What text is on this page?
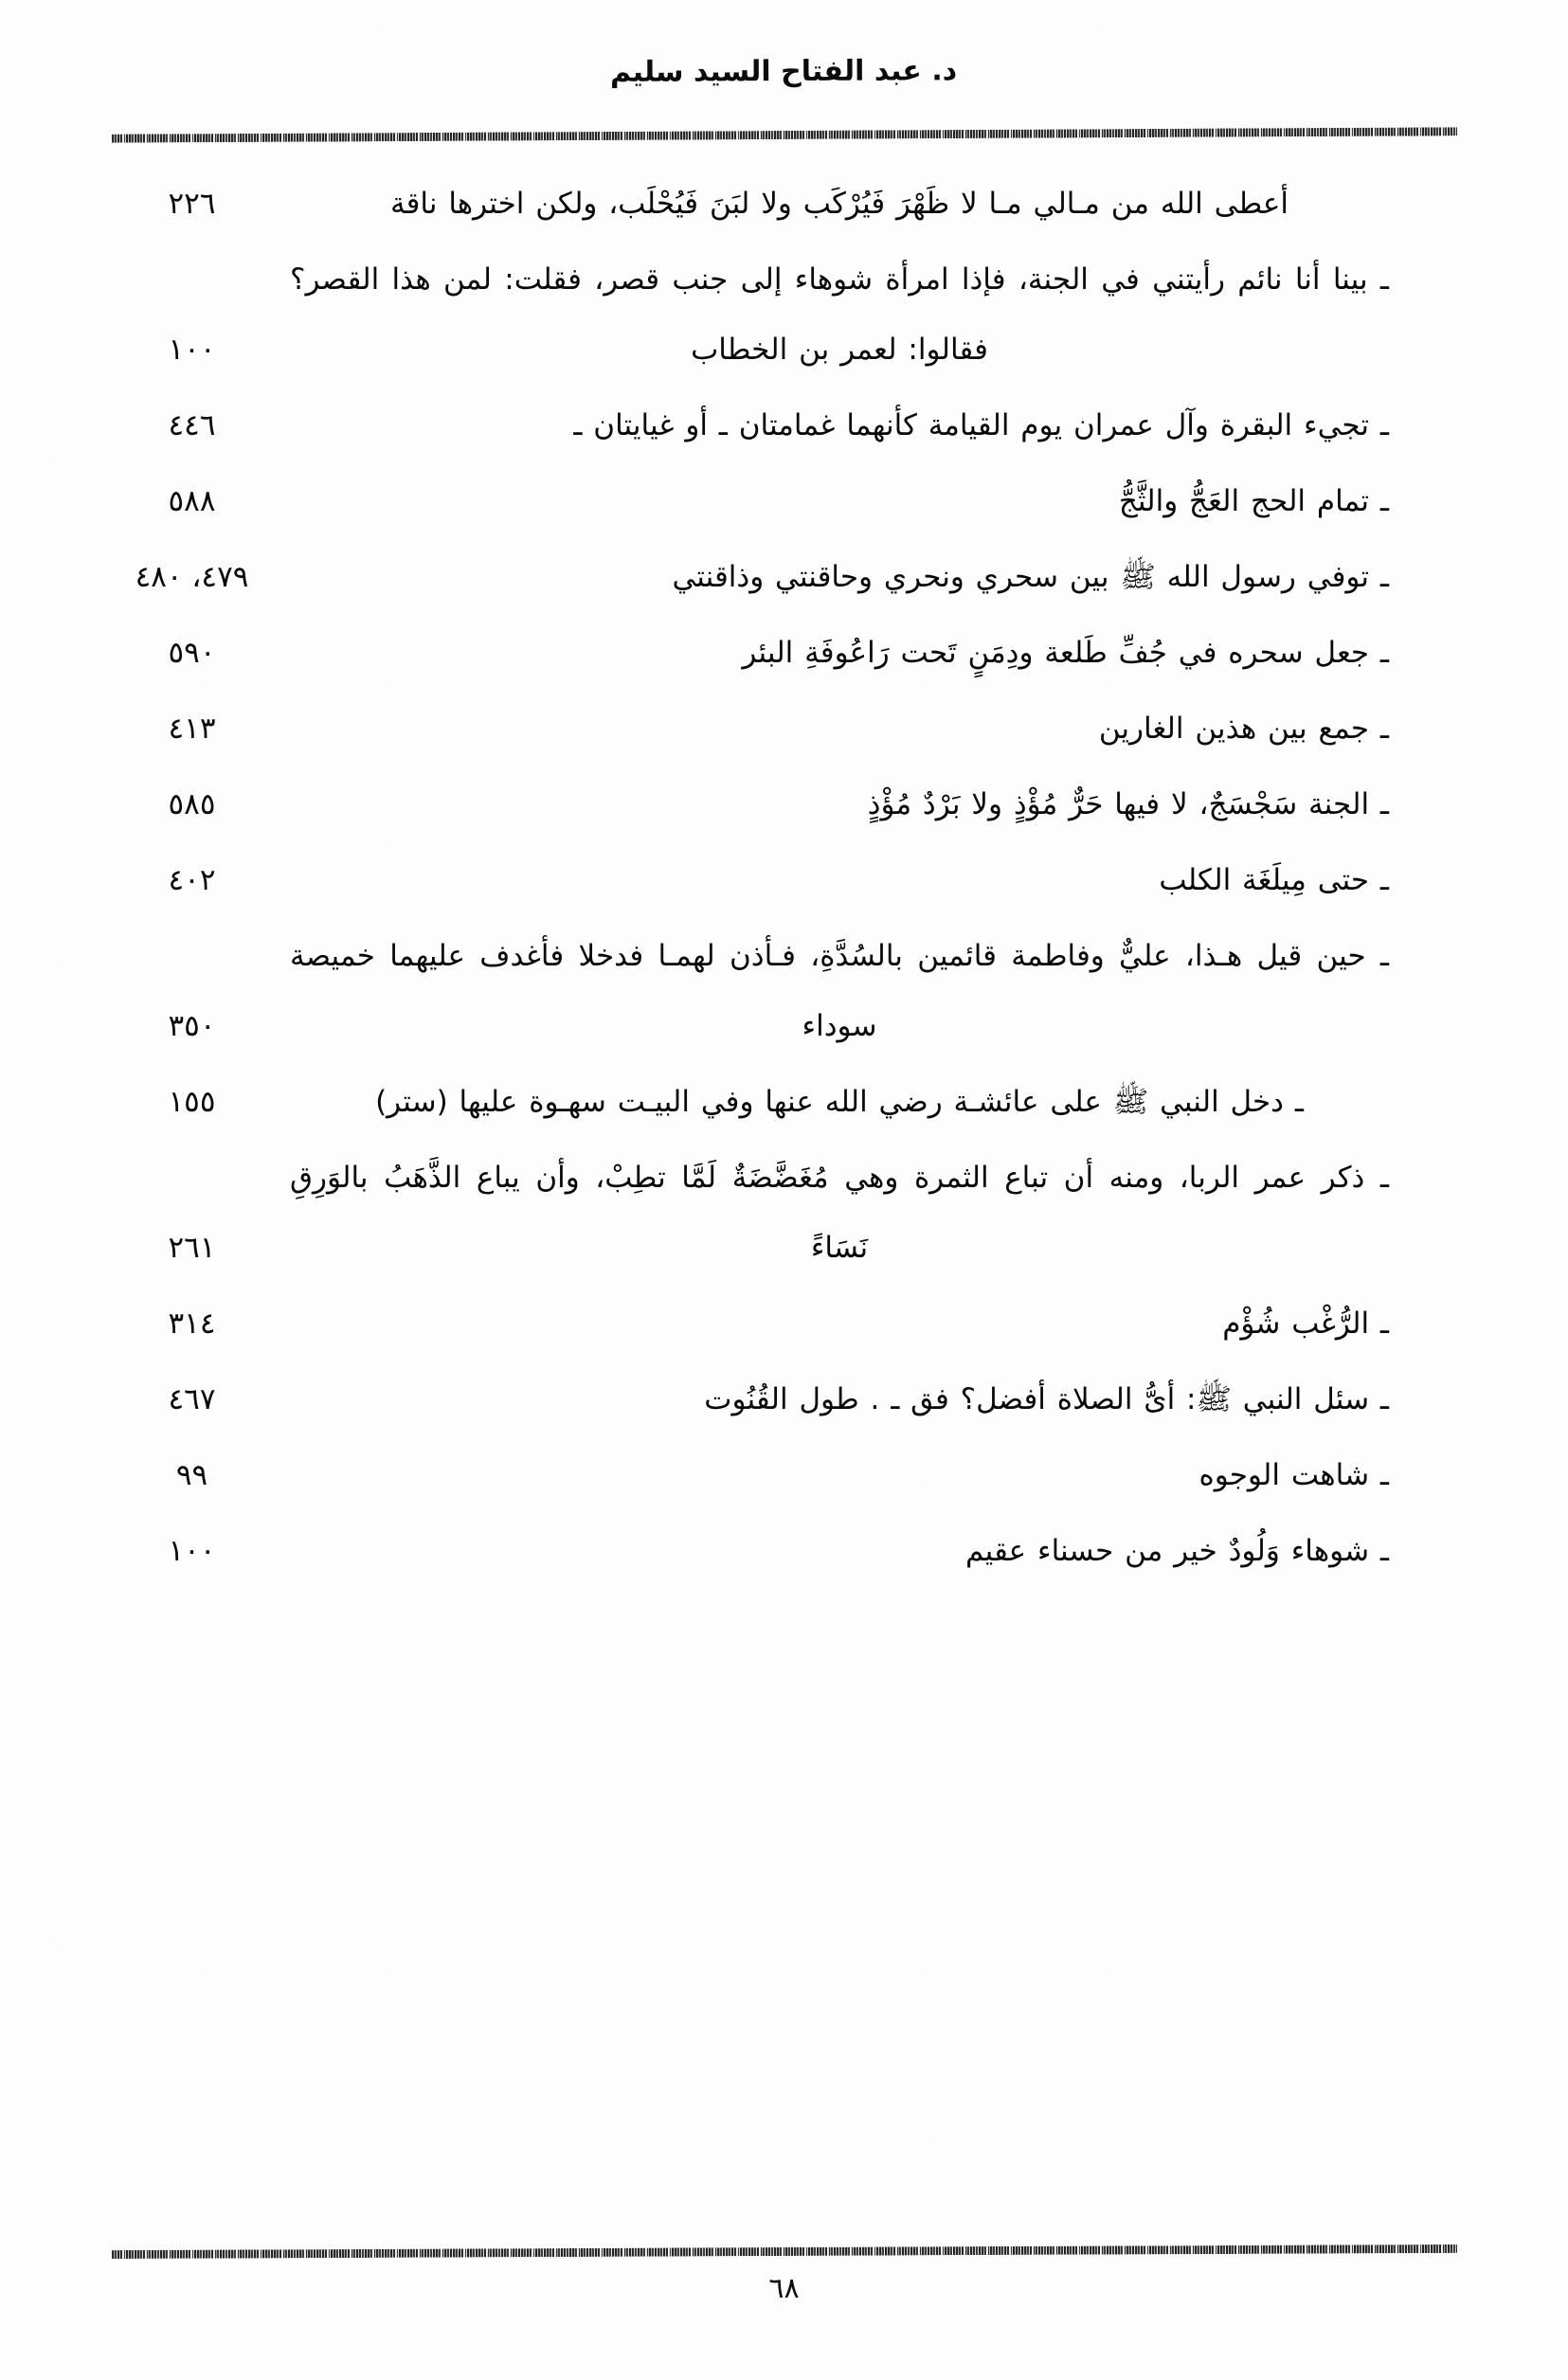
د. عبد الفتاح السيد سليم
أعطى الله من مـالي مـا لا ظَهْرَ فَيُرْكَب ولا لبَنَ فَيُحْلَب، ولكن اخترها ناقة
٢٢٦
ـ بينا أنا نائم رأيتني في الجنة، فإذا امرأة شوهاء إلى جنب قصر، فقلت: لمن هذا القصر؟ فقالوا: لعمر بن الخطاب
١٠٠
ـ تجيء البقرة وآل عمران يوم القيامة كأنهما غمامتان ـ أو غيايتان ـ
٤٤٦
ـ تمام الحج العَجُّ والثَّجُّ
٥٨٨
ـ توفي رسول الله ﷺ بين سحري ونحري وحاقنتي وذاقنتي
٤٧٩، ٤٨٠
ـ جعل سحره في جُفِّ طَلعة ودِمَنٍ تَحت رَاعُوفَةِ البئر
٥٩٠
ـ جمع بين هذين الغارين
٤١٣
ـ الجنة سَجْسَجٌ، لا فيها حَرٌّ مُؤْذٍ ولا بَرْدٌ مُؤْذٍ
٥٨٥
ـ حتى مِيلَغَة الكلب
٤٠٢
ـ حين قيل هـذا، عليٌّ وفاطمة قائمين بالسُدَّةِ، فـأذن لهمـا فدخلا فأغدف عليهما خميصة سوداء
٣٥٠
ـ دخل النبي ﷺ على عائشـة رضي الله عنها وفي البيـت سهـوة عليها (ستر)
١٥٥
ـ ذكر عمر الربا، ومنه أن تباع الثمرة وهي مُغَضَّضَةٌ لَمَّا تطِبْ، وأن يباع الذَّهَبُ بالوَرِقِ نَسَاءً
٢٦١
ـ الرُّغْب شُؤْم
٣١٤
ـ سئل النبي ﷺ: أىُّ الصلاة أفضل؟ فق ـ . طول القُنُوت
٤٦٧
ـ شاهت الوجوه
٩٩
ـ شوهاء وَلُودٌ خير من حسناء عقيم
١٠٠
٦٨
